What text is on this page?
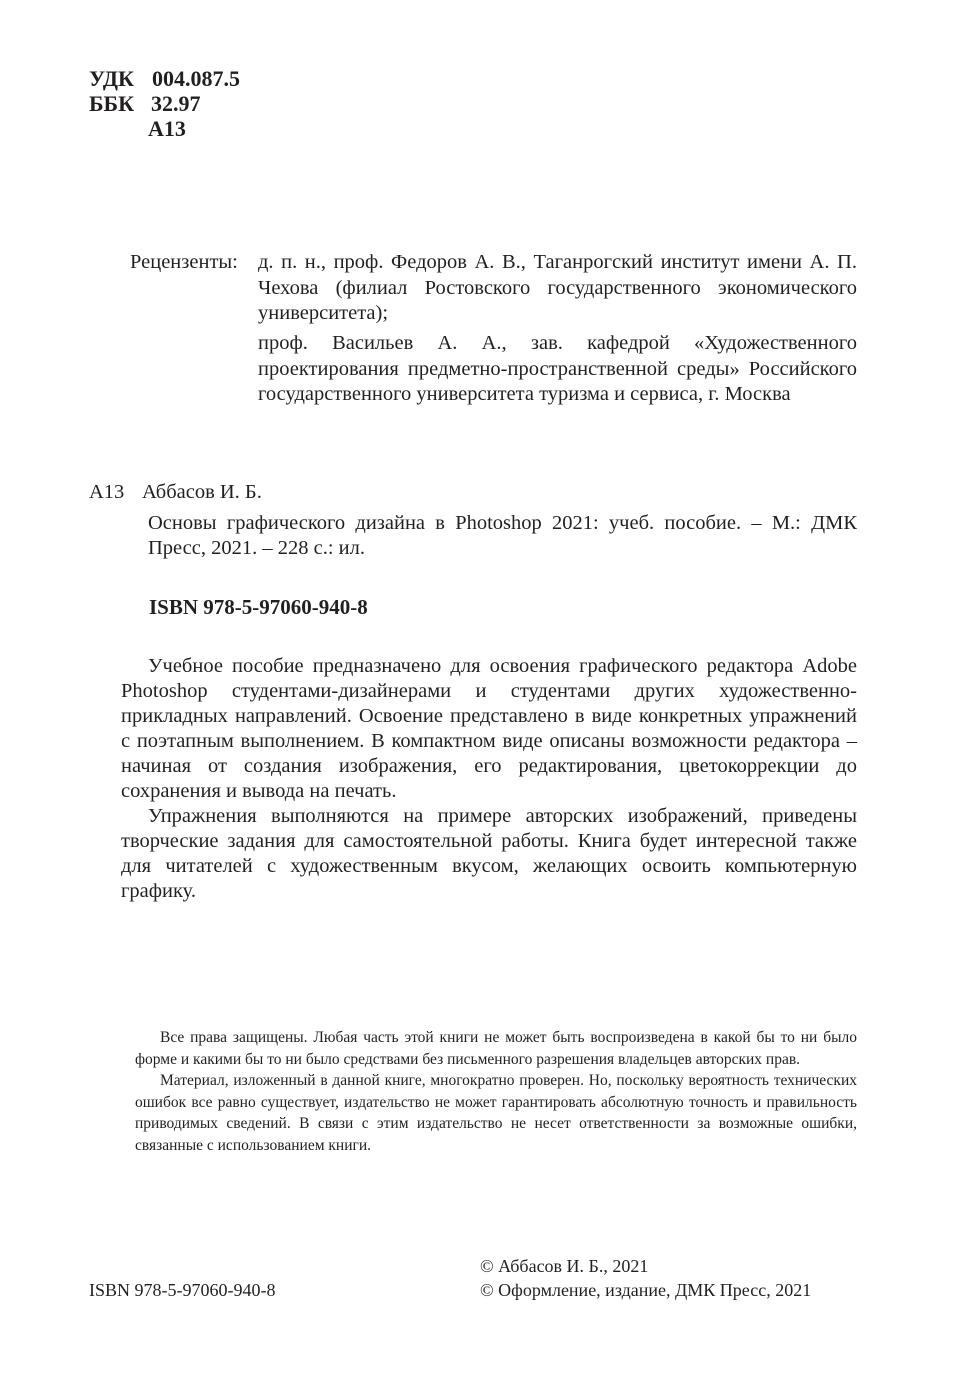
УДК 004.087.5
ББК 32.97
А13
Рецензенты: д. п. н., проф. Федоров А. В., Таганрогский институт имени А. П. Чехова (филиал Ростовского государственного экономического университета);
проф. Васильев А. А., зав. кафедрой «Художественного проектирования предметно-пространственной среды» Российского государственного университета туризма и сервиса, г. Москва
А13 Аббасов И. Б.
Основы графического дизайна в Photoshop 2021: учеб. пособие. – М.: ДМК Пресс, 2021. – 228 с.: ил.
ISBN 978-5-97060-940-8

Учебное пособие предназначено для освоения графического редактора Adobe Photoshop студентами-дизайнерами и студентами других художественно-прикладных направлений. Освоение представлено в виде конкретных упражнений с поэтапным выполнением. В компактном виде описаны возможности редактора – начиная от создания изображения, его редактирования, цветокоррекции до сохранения и вывода на печать.

Упражнения выполняются на примере авторских изображений, приведены творческие задания для самостоятельной работы. Книга будет интересной также для читателей с художественным вкусом, желающих освоить компьютерную графику.

Все права защищены. Любая часть этой книги не может быть воспроизведена в какой бы то ни было форме и какими бы то ни было средствами без письменного разрешения владельцев авторских прав.

Материал, изложенный в данной книге, многократно проверен. Но, поскольку вероятность технических ошибок все равно существует, издательство не может гарантировать абсолютную точность и правильность приводимых сведений. В связи с этим издательство не несет ответственности за возможные ошибки, связанные с использованием книги.

ISBN 978-5-97060-940-8
© Аббасов И. Б., 2021
© Оформление, издание, ДМК Пресс, 2021
